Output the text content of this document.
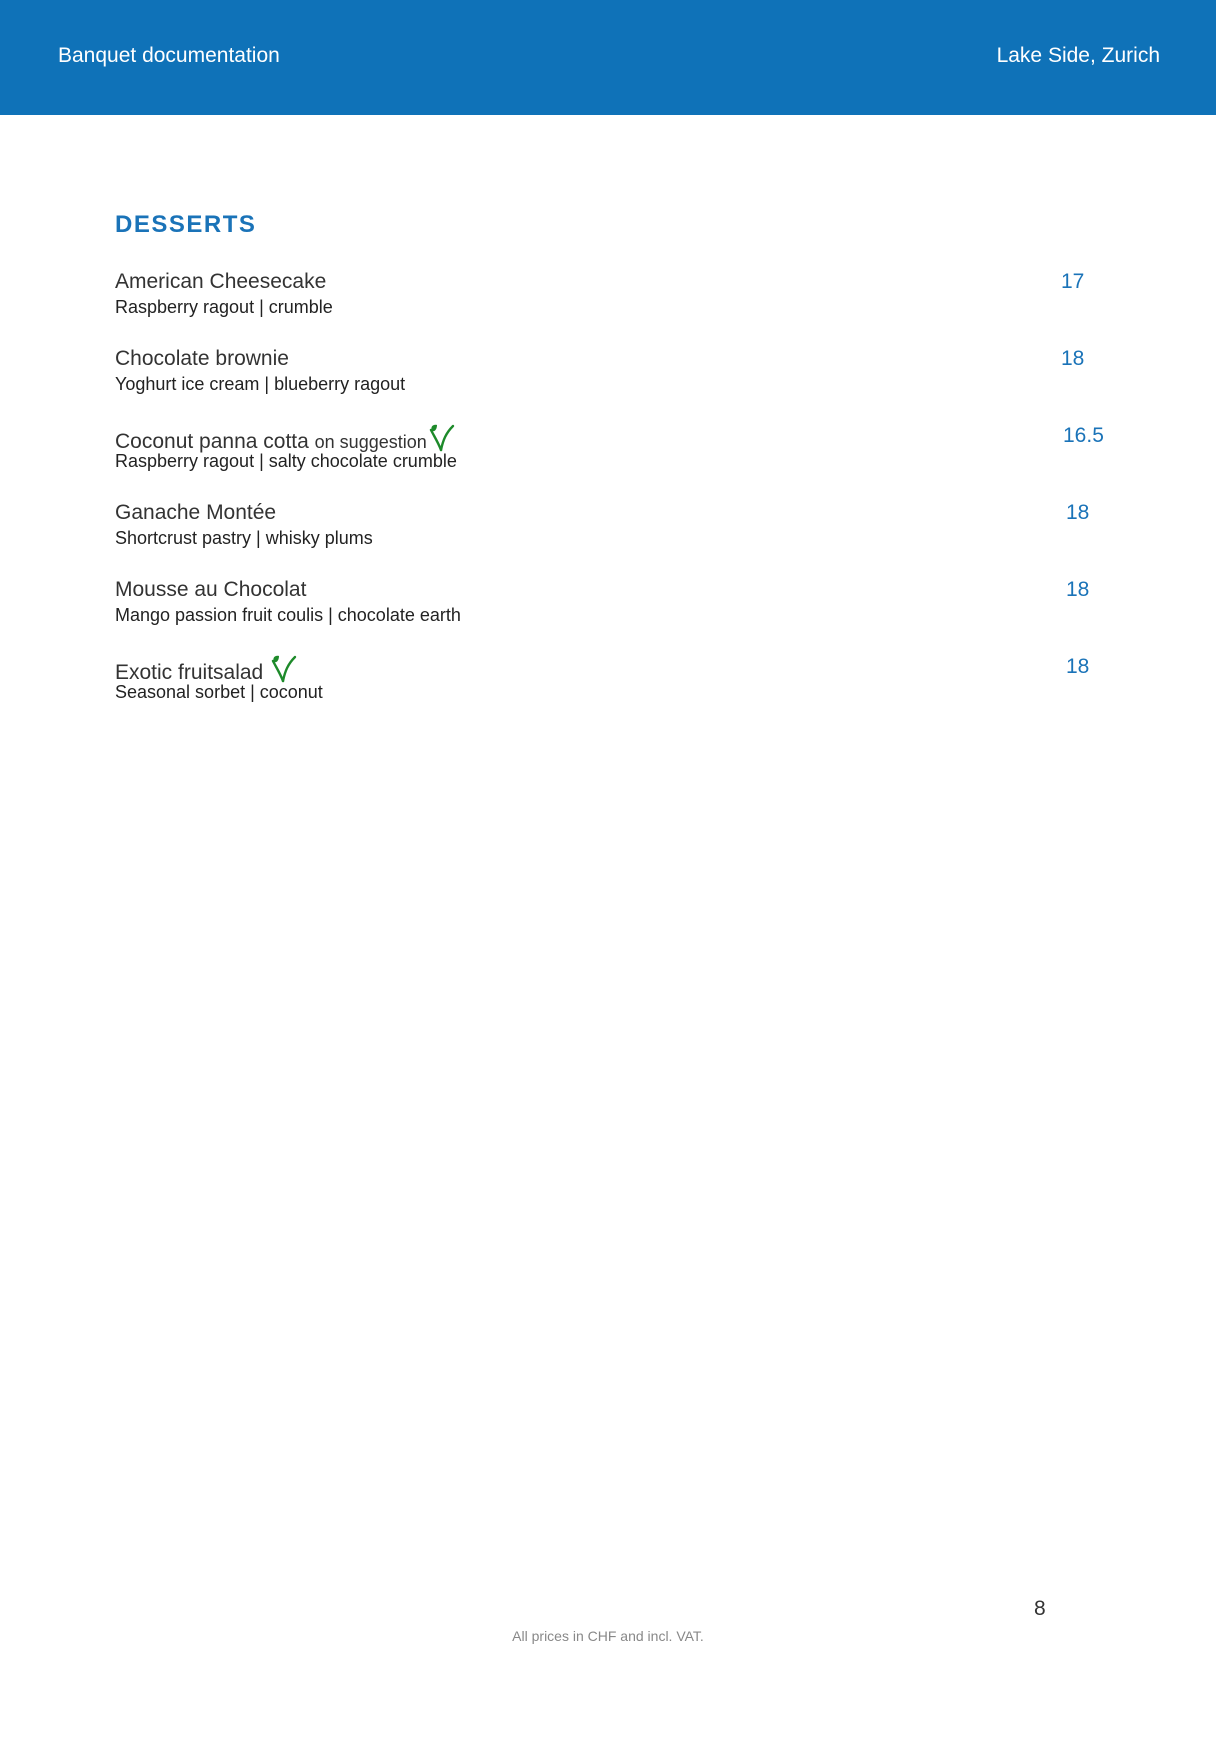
Banquet documentation	Lake Side, Zurich
DESSERTS
American Cheesecake
Raspberry ragout | crumble
17
Chocolate brownie
Yoghurt ice cream | blueberry ragout
18
Coconut panna cotta on suggestion
Raspberry ragout | salty chocolate crumble
16.5
Ganache Montée
Shortcrust pastry | whisky plums
18
Mousse au Chocolat
Mango passion fruit coulis | chocolate earth
18
Exotic fruitsalad
Seasonal sorbet | coconut
18
8
All prices in CHF and incl. VAT.
